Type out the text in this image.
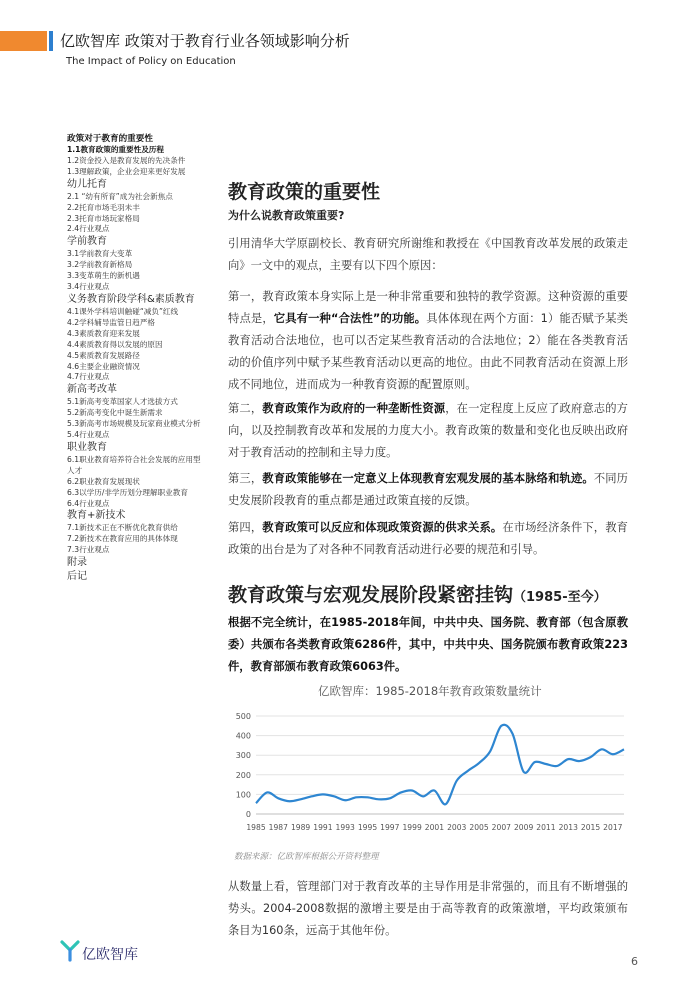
亿欧智库 政策对于教育行业各领域影响分析
The Impact of Policy on Education
政策对于教育的重要性
1.1教育政策的重要性及历程
1.2资金投入是教育发展的先决条件
1.3理解政策，企业会迎来更好发展
幼儿托育
2.1 “幼有所育”成为社会新焦点
2.2托育市场毛羽未丰
2.3托育市场玩家格局
2.4行业观点
学前教育
3.1学前教育大变革
3.2学前教育新格局
3.3变革萌生的新机遇
3.4行业观点
义务教育阶段学科&素质教育
4.1课外学科培训触碰“减负”红线
4.2学科辅导监管日趋严格
4.3素质教育迎来发展
4.4素质教育得以发展的原因
4.5素质教育发展路径
4.6主要企业融资情况
4.7行业观点
新高考改革
5.1新高考变革国家人才选拔方式
5.2新高考变化中诞生新需求
5.3新高考市场规模及玩家商业模式分析
5.4行业观点
职业教育
6.1职业教育培养符合社会发展的应用型人才
6.2职业教育发展现状
6.3以学历/非学历划分理解职业教育
6.4行业观点
教育+新技术
7.1新技术正在不断优化教育供给
7.2新技术在教育应用的具体体现
7.3行业观点
附录
后记
教育政策的重要性
为什么说教育政策重要?
引用清华大学原副校长、教育研究所谢维和教授在《中国教育改革发展的政策走向》一文中的观点，主要有以下四个原因：
第一，教育政策本身实际上是一种非常重要和独特的教学资源。这种资源的重要特点是，它具有一种“合法性”的功能。具体体现在两个方面：1）能否赋予某类教育活动合法地位，也可以否定某些教育活动的合法地位；2）能在各类教育活动的价值序列中赋予某些教育活动以更高的地位。由此不同教育活动在资源上形成不同地位，进而成为一种教育资源的配置原则。
第二，教育政策作为政府的一种垄断性资源，在一定程度上反应了政府意志的方向，以及控制教育改革和发展的力度大小。教育政策的数量和变化也反映出政府对于教育活动的控制和主导力度。
第三，教育政策能够在一定意义上体现教育宏观发展的基本脉络和轨迹。不同历史发展阶段教育的重点都是通过政策直接的反馈。
第四，教育政策可以反应和体现政策资源的供求关系。在市场经济条件下，教育政策的出台是为了对各种不同教育活动进行必要的规范和引导。
教育政策与宏观发展阶段紧密挂钩（1985-至今）
根据不完全统计，在1985-2018年间，中共中央、国务院、教育部（包含原教委）共颁布各类教育政策6286件，其中，中共中央、国务院颁布教育政策223件，教育部颁布教育政策6063件。
亿欧智库：1985-2018年教育政策数量统计
0
100
200
300
400
500
1985 1987 1989 1991 1993 1995 1997 1999 2001 2003 2005 2007 2009 2011 2013 2015 2017
数据来源：亿欧智库根据公开资料整理
从数量上看，管理部门对于教育改革的主导作用是非常强的，而且有不断增强的势头。2004-2008数据的激增主要是由于高等教育的政策激增，平均政策颁布条目为160条，远高于其他年份。
亿欧智库	6
